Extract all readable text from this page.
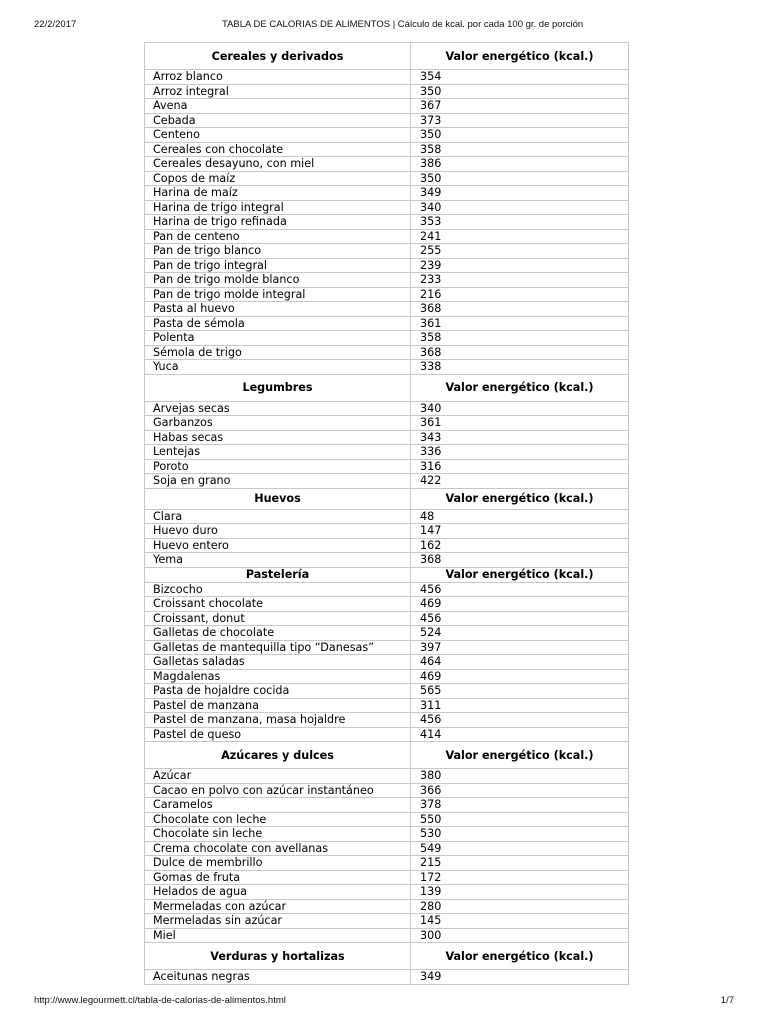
22/2/2017	TABLA DE CALORIAS DE ALIMENTOS | Cálculo de kcal. por cada 100 gr. de porción
Cereales y derivados	Valor energético (kcal.)
Arroz blanco	354
Arroz integral	350
Avena	367
Cebada	373
Centeno	350
Cereales con chocolate	358
Cereales desayuno, con miel	386
Copos de maíz	350
Harina de maíz	349
Harina de trigo integral	340
Harina de trigo refinada	353
Pan de centeno	241
Pan de trigo blanco	255
Pan de trigo integral	239
Pan de trigo molde blanco	233
Pan de trigo molde integral	216
Pasta al huevo	368
Pasta de sémola	361
Polenta	358
Sémola de trigo	368
Yuca	338
Legumbres	Valor energético (kcal.)
Arvejas secas	340
Garbanzos	361
Habas secas	343
Lentejas	336
Poroto	316
Soja en grano	422
Huevos	Valor energético (kcal.)
Clara	48
Huevo duro	147
Huevo entero	162
Yema	368
Pastelería	Valor energético (kcal.)
Bizcocho	456
Croissant chocolate	469
Croissant, donut	456
Galletas de chocolate	524
Galletas de mantequilla tipo “Danesas”	397
Galletas saladas	464
Magdalenas	469
Pasta de hojaldre cocida	565
Pastel de manzana	311
Pastel de manzana, masa hojaldre	456
Pastel de queso	414
Azúcares y dulces	Valor energético (kcal.)
Azúcar	380
Cacao en polvo con azúcar instantáneo	366
Caramelos	378
Chocolate con leche	550
Chocolate sin leche	530
Crema chocolate con avellanas	549
Dulce de membrillo	215
Gomas de fruta	172
Helados de agua	139
Mermeladas con azúcar	280
Mermeladas sin azúcar	145
Miel	300
Verduras y hortalizas	Valor energético (kcal.)
Aceitunas negras	349
http://www.legourmett.cl/tabla-de-calorias-de-alimentos.html	1/7
